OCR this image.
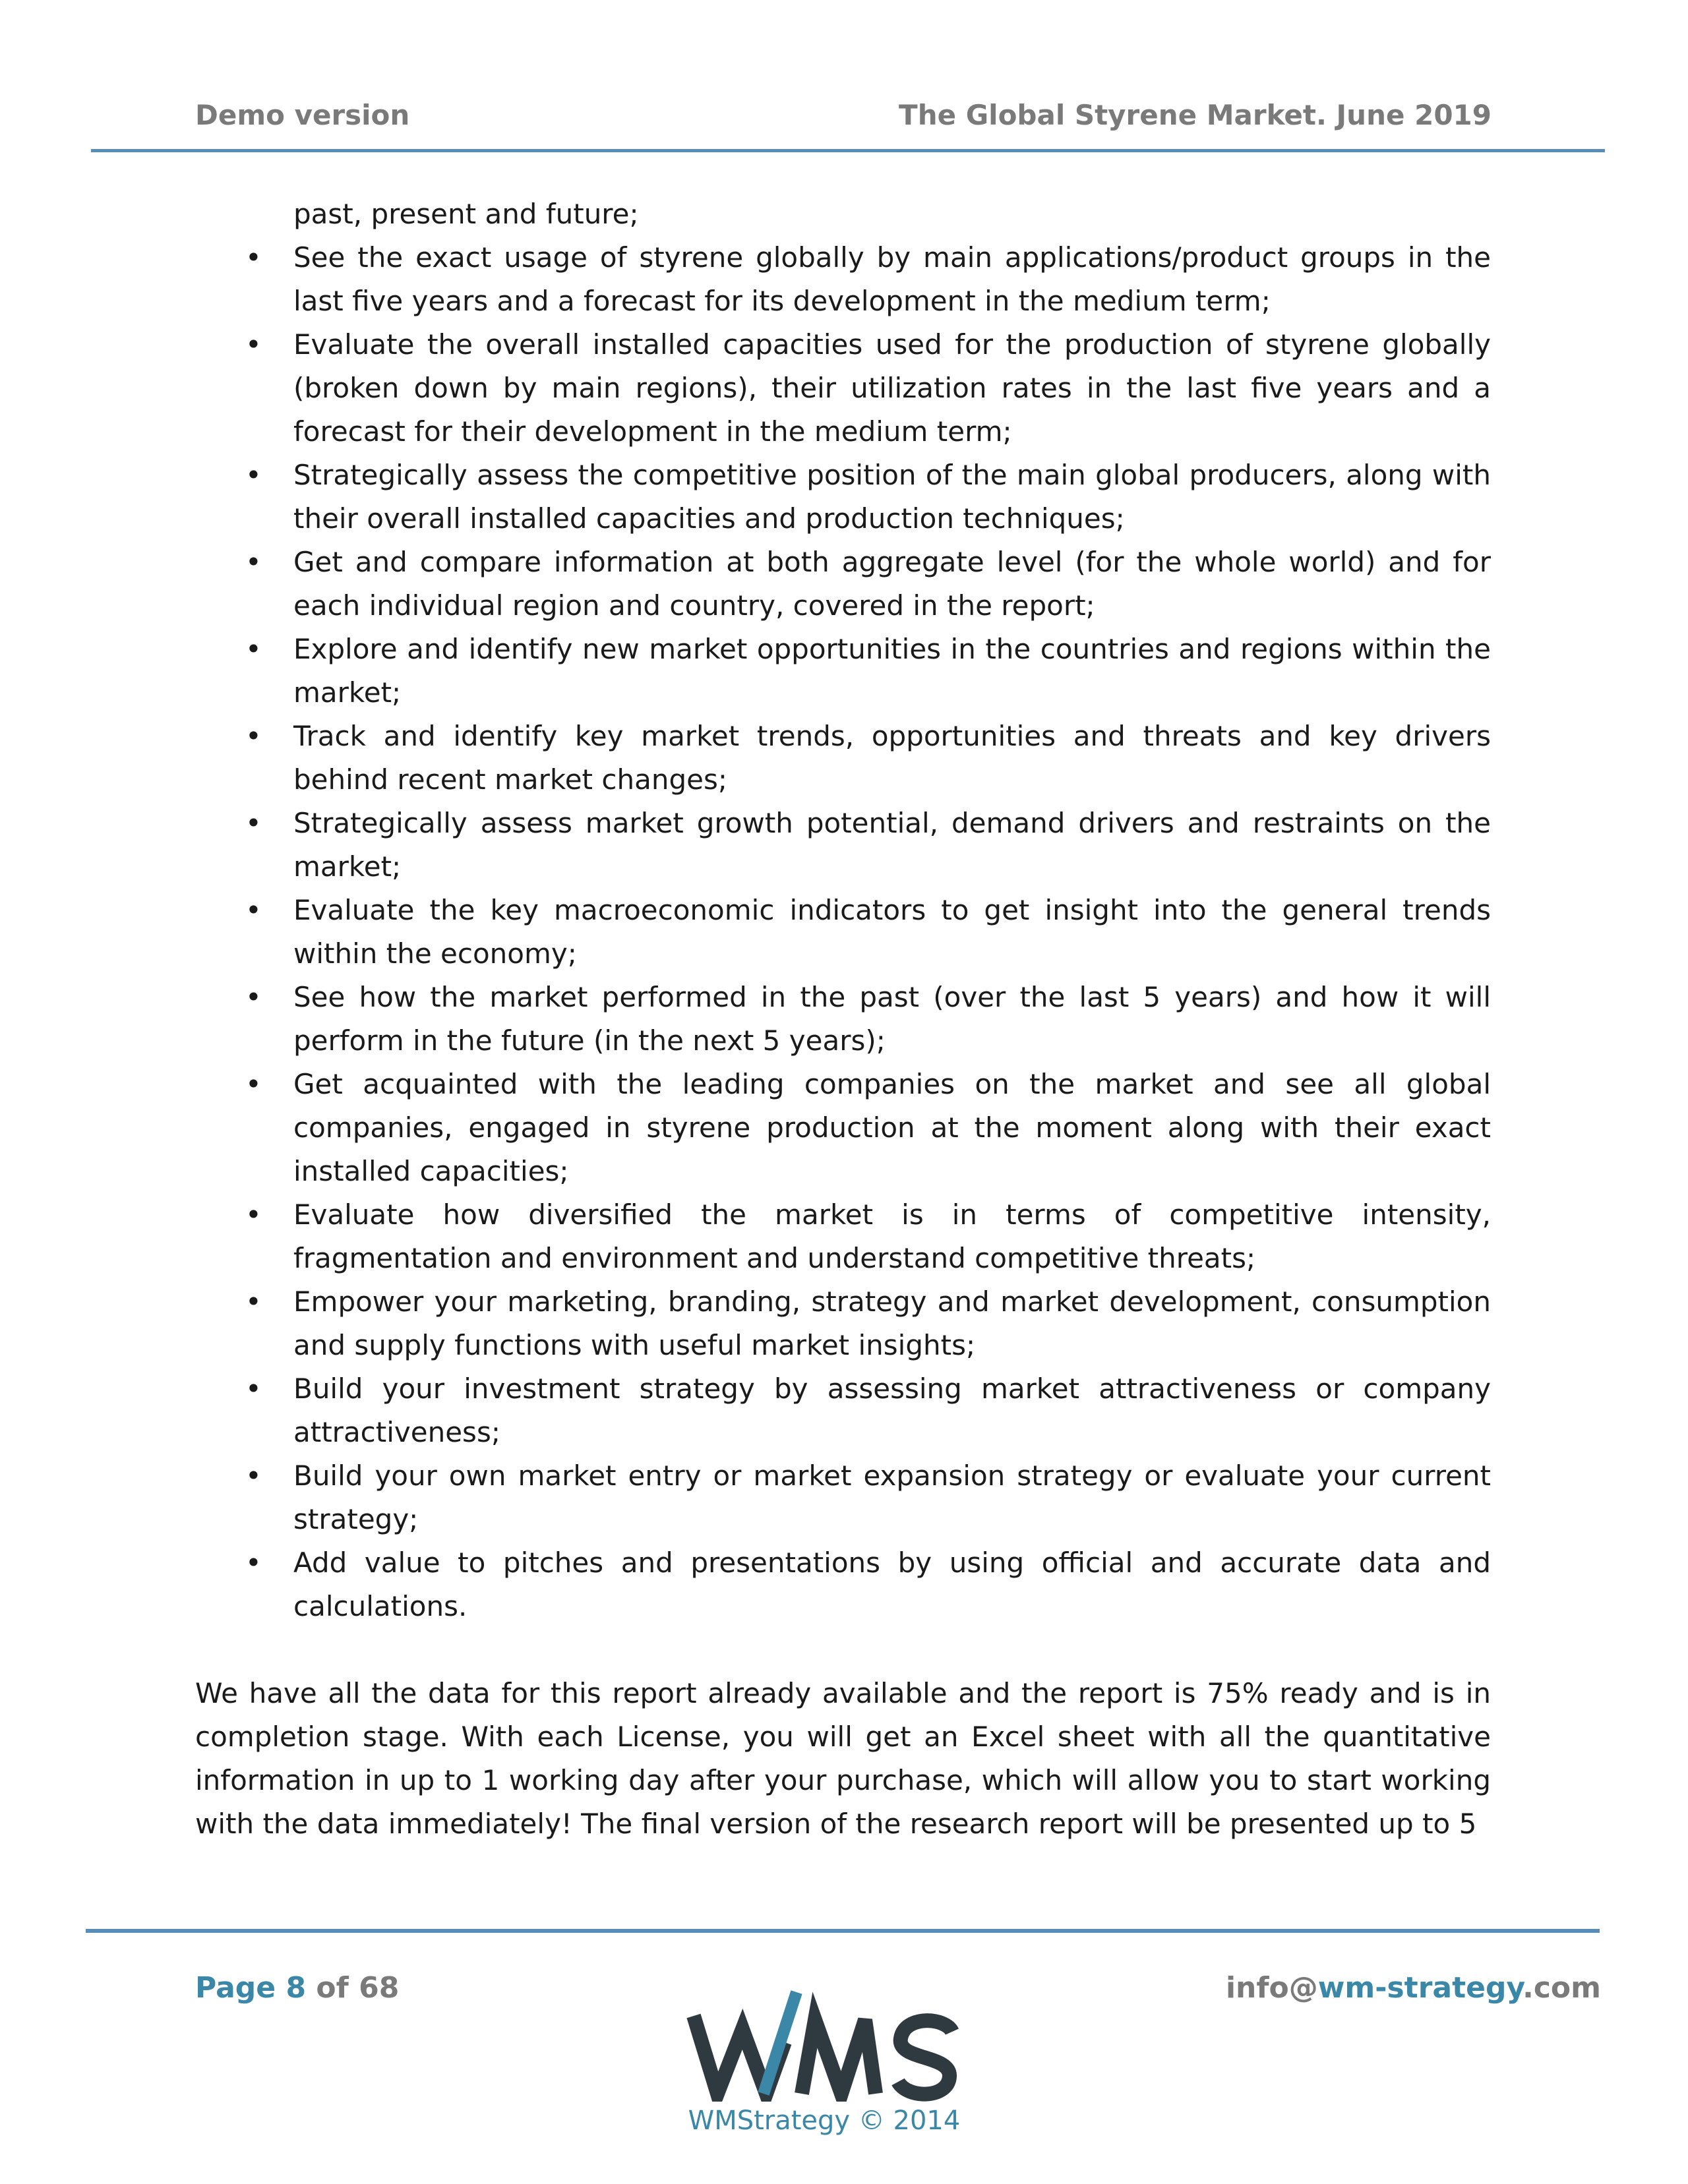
Demo version	The Global Styrene Market. June 2019
past, present and future;
• See the exact usage of styrene globally by main applications/product groups in the last five years and a forecast for its development in the medium term;
• Evaluate the overall installed capacities used for the production of styrene globally (broken down by main regions), their utilization rates in the last five years and a forecast for their development in the medium term;
• Strategically assess the competitive position of the main global producers, along with their overall installed capacities and production techniques;
• Get and compare information at both aggregate level (for the whole world) and for each individual region and country, covered in the report;
• Explore and identify new market opportunities in the countries and regions within the market;
• Track and identify key market trends, opportunities and threats and key drivers behind recent market changes;
• Strategically assess market growth potential, demand drivers and restraints on the market;
• Evaluate the key macroeconomic indicators to get insight into the general trends within the economy;
• See how the market performed in the past (over the last 5 years) and how it will perform in the future (in the next 5 years);
• Get acquainted with the leading companies on the market and see all global companies, engaged in styrene production at the moment along with their exact installed capacities;
• Evaluate how diversified the market is in terms of competitive intensity, fragmentation and environment and understand competitive threats;
• Empower your marketing, branding, strategy and market development, consumption and supply functions with useful market insights;
• Build your investment strategy by assessing market attractiveness or company attractiveness;
• Build your own market entry or market expansion strategy or evaluate your current strategy;
• Add value to pitches and presentations by using official and accurate data and calculations.

We have all the data for this report already available and the report is 75% ready and is in completion stage. With each License, you will get an Excel sheet with all the quantitative information in up to 1 working day after your purchase, which will allow you to start working with the data immediately! The final version of the research report will be presented up to 5

Page 8 of 68	info@wm-strategy.com
WMStrategy © 2014
